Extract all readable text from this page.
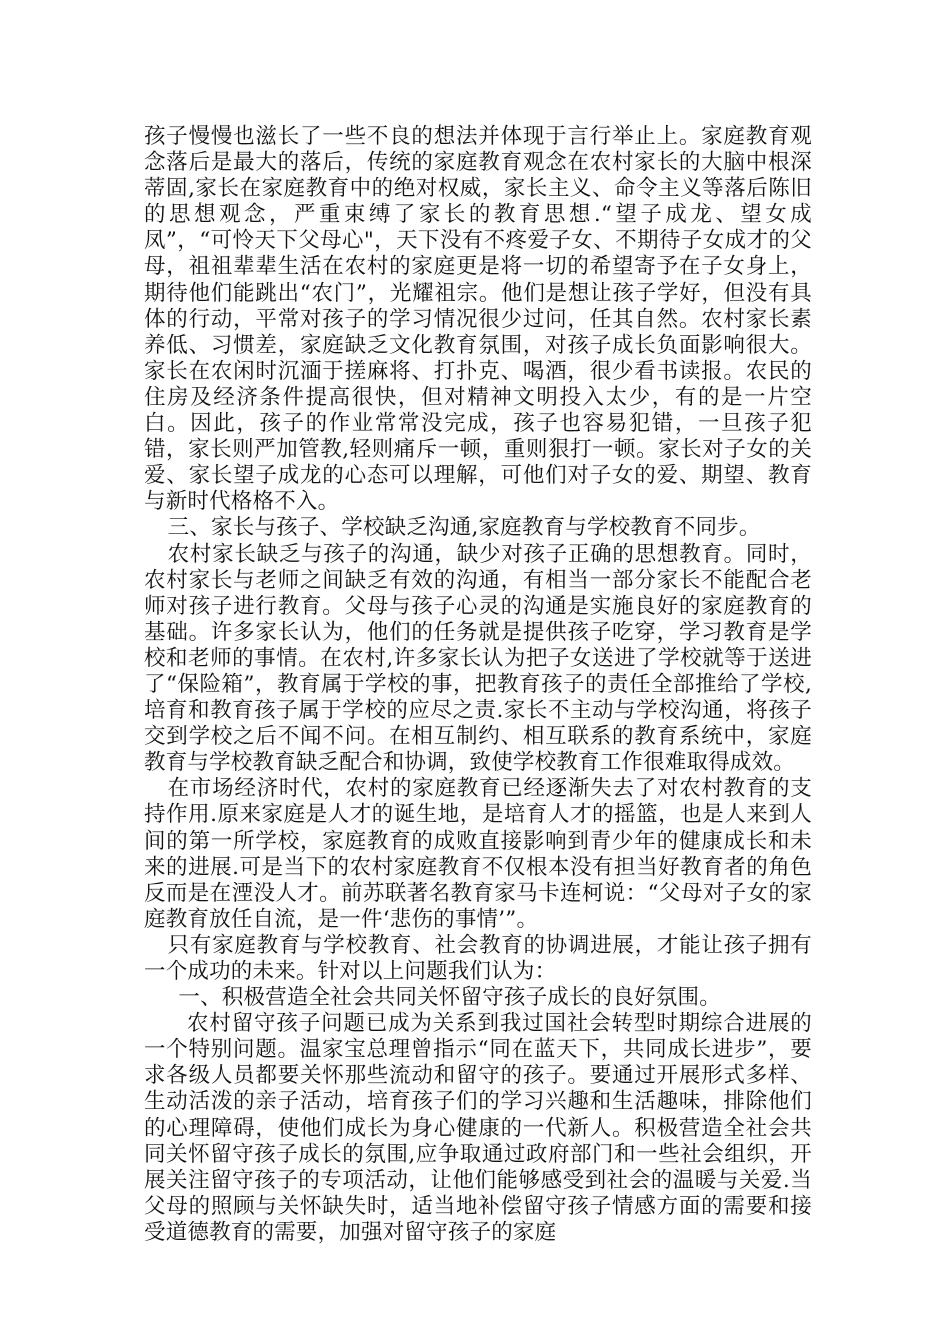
孩子慢慢也滋长了一些不良的想法并体现于言行举止上。家庭教育观念落后是最大的落后，传统的家庭教育观念在农村家长的大脑中根深蒂固,家长在家庭教育中的绝对权威，家长主义、命令主义等落后陈旧的思想观念，严重束缚了家长的教育思想.“望子成龙、望女成凤”，“可怜天下父母心"，天下没有不疼爱子女、不期待子女成才的父母，祖祖辈辈生活在农村的家庭更是将一切的希望寄予在子女身上，期待他们能跳出“农门”，光耀祖宗。他们是想让孩子学好，但没有具体的行动，平常对孩子的学习情况很少过问，任其自然。农村家长素养低、习惯差，家庭缺乏文化教育氛围，对孩子成长负面影响很大。家长在农闲时沉湎于搓麻将、打扑克、喝酒，很少看书读报。农民的住房及经济条件提高很快，但对精神文明投入太少，有的是一片空白。因此，孩子的作业常常没完成，孩子也容易犯错，一旦孩子犯错，家长则严加管教,轻则痛斥一顿，重则狠打一顿。家长对子女的关爱、家长望子成龙的心态可以理解，可他们对子女的爱、期望、教育与新时代格格不入。

三、家长与孩子、学校缺乏沟通,家庭教育与学校教育不同步。

农村家长缺乏与孩子的沟通，缺少对孩子正确的思想教育。同时，农村家长与老师之间缺乏有效的沟通，有相当一部分家长不能配合老师对孩子进行教育。父母与孩子心灵的沟通是实施良好的家庭教育的基础。许多家长认为，他们的任务就是提供孩子吃穿，学习教育是学校和老师的事情。在农村,许多家长认为把子女送进了学校就等于送进了“保险箱”，教育属于学校的事，把教育孩子的责任全部推给了学校,培育和教育孩子属于学校的应尽之责.家长不主动与学校沟通，将孩子交到学校之后不闻不问。在相互制约、相互联系的教育系统中，家庭教育与学校教育缺乏配合和协调，致使学校教育工作很难取得成效。

在市场经济时代，农村的家庭教育已经逐渐失去了对农村教育的支持作用.原来家庭是人才的诞生地，是培育人才的摇篮，也是人来到人间的第一所学校，家庭教育的成败直接影响到青少年的健康成长和未来的进展.可是当下的农村家庭教育不仅根本没有担当好教育者的角色反而是在湮没人才。前苏联著名教育家马卡连柯说：“父母对子女的家庭教育放任自流，是一件‘悲伤的事情’”。

只有家庭教育与学校教育、社会教育的协调进展，才能让孩子拥有一个成功的未来。针对以上问题我们认为：

一、积极营造全社会共同关怀留守孩子成长的良好氛围。

农村留守孩子问题已成为关系到我过国社会转型时期综合进展的一个特别问题。温家宝总理曾指示“同在蓝天下，共同成长进步”，要求各级人员都要关怀那些流动和留守的孩子。要通过开展形式多样、生动活泼的亲子活动，培育孩子们的学习兴趣和生活趣味，排除他们的心理障碍，使他们成长为身心健康的一代新人。积极营造全社会共同关怀留守孩子成长的氛围,应争取通过政府部门和一些社会组织，开展关注留守孩子的专项活动，让他们能够感受到社会的温暖与关爱.当父母的照顾与关怀缺失时，适当地补偿留守孩子情感方面的需要和接受道德教育的需要，加强对留守孩子的家庭
